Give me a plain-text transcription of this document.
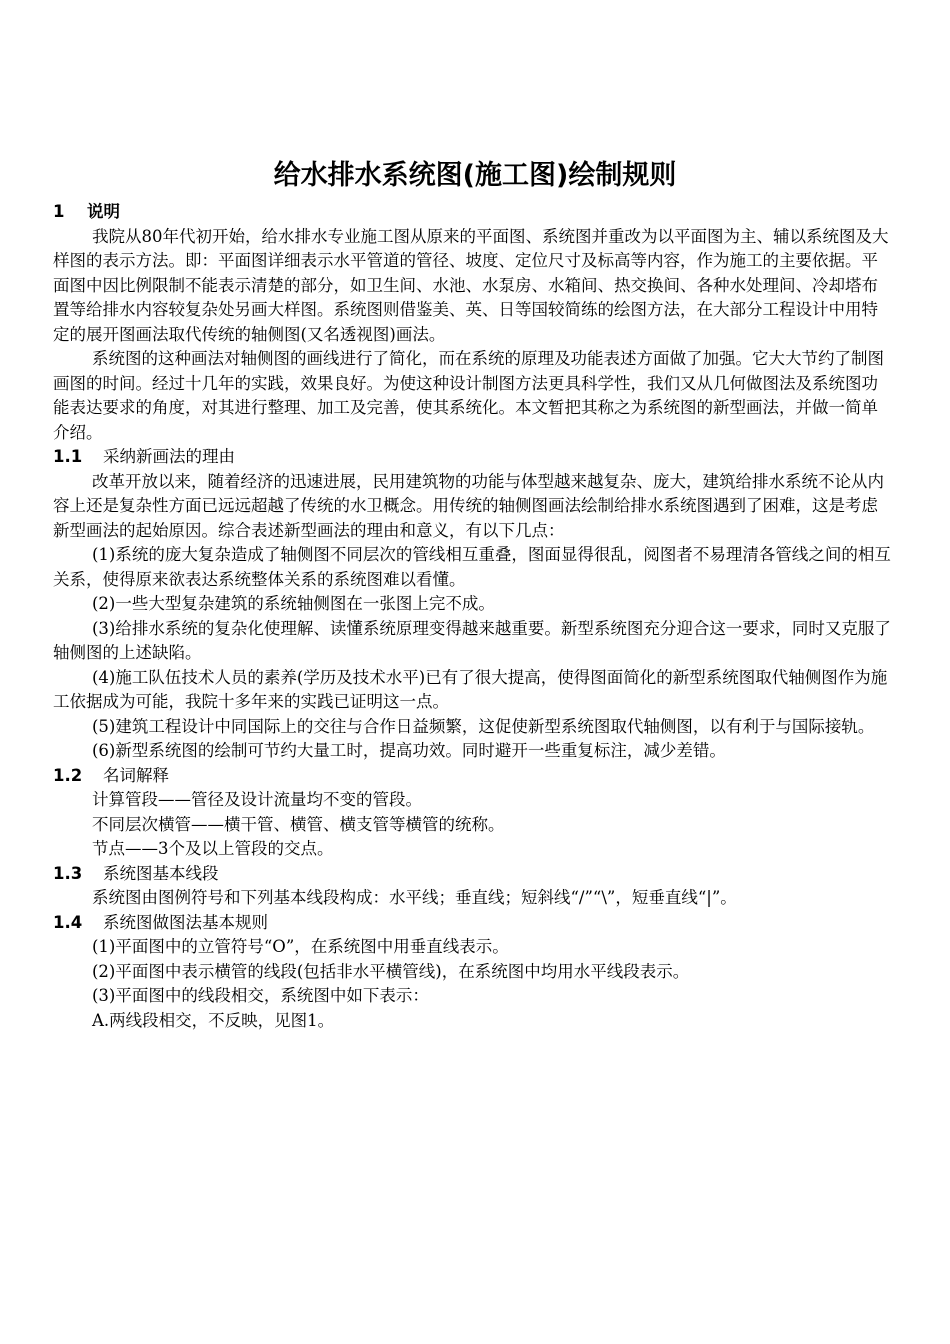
给水排水系统图(施工图)绘制规则

1 说明

我院从80年代初开始，给水排水专业施工图从原来的平面图、系统图并重改为以平面图为主、辅以系统图及大样图的表示方法。即：平面图详细表示水平管道的管径、坡度、定位尺寸及标高等内容，作为施工的主要依据。平面图中因比例限制不能表示清楚的部分，如卫生间、水池、水泵房、水箱间、热交换间、各种水处理间、冷却塔布置等给排水内容较复杂处另画大样图。系统图则借鉴美、英、日等国较简练的绘图方法，在大部分工程设计中用特定的展开图画法取代传统的轴侧图(又名透视图)画法。

系统图的这种画法对轴侧图的画线进行了简化，而在系统的原理及功能表述方面做了加强。它大大节约了制图画图的时间。经过十几年的实践，效果良好。为使这种设计制图方法更具科学性，我们又从几何做图法及系统图功能表达要求的角度，对其进行整理、加工及完善，使其系统化。本文暂把其称之为系统图的新型画法，并做一简单介绍。

1.1 采纳新画法的理由

改革开放以来，随着经济的迅速进展，民用建筑物的功能与体型越来越复杂、庞大，建筑给排水系统不论从内容上还是复杂性方面已远远超越了传统的水卫概念。用传统的轴侧图画法绘制给排水系统图遇到了困难，这是考虑新型画法的起始原因。综合表述新型画法的理由和意义，有以下几点：

(1)系统的庞大复杂造成了轴侧图不同层次的管线相互重叠，图面显得很乱，阅图者不易理清各管线之间的相互关系，使得原来欲表达系统整体关系的系统图难以看懂。

(2)一些大型复杂建筑的系统轴侧图在一张图上完不成。

(3)给排水系统的复杂化使理解、读懂系统原理变得越来越重要。新型系统图充分迎合这一要求，同时又克服了轴侧图的上述缺陷。

(4)施工队伍技术人员的素养(学历及技术水平)已有了很大提高，使得图面简化的新型系统图取代轴侧图作为施工依据成为可能，我院十多年来的实践已证明这一点。

(5)建筑工程设计中同国际上的交往与合作日益频繁，这促使新型系统图取代轴侧图，以有利于与国际接轨。

(6)新型系统图的绘制可节约大量工时，提高功效。同时避开一些重复标注，减少差错。

1.2 名词解释

计算管段——管径及设计流量均不变的管段。

不同层次横管——横干管、横管、横支管等横管的统称。

节点——3个及以上管段的交点。

1.3 系统图基本线段

系统图由图例符号和下列基本线段构成：水平线；垂直线；短斜线“/”“\”，短垂直线“|”。

1.4 系统图做图法基本规则

(1)平面图中的立管符号“O”，在系统图中用垂直线表示。

(2)平面图中表示横管的线段(包括非水平横管线)，在系统图中均用水平线段表示。

(3)平面图中的线段相交，系统图中如下表示：

A.两线段相交，不反映，见图1。
